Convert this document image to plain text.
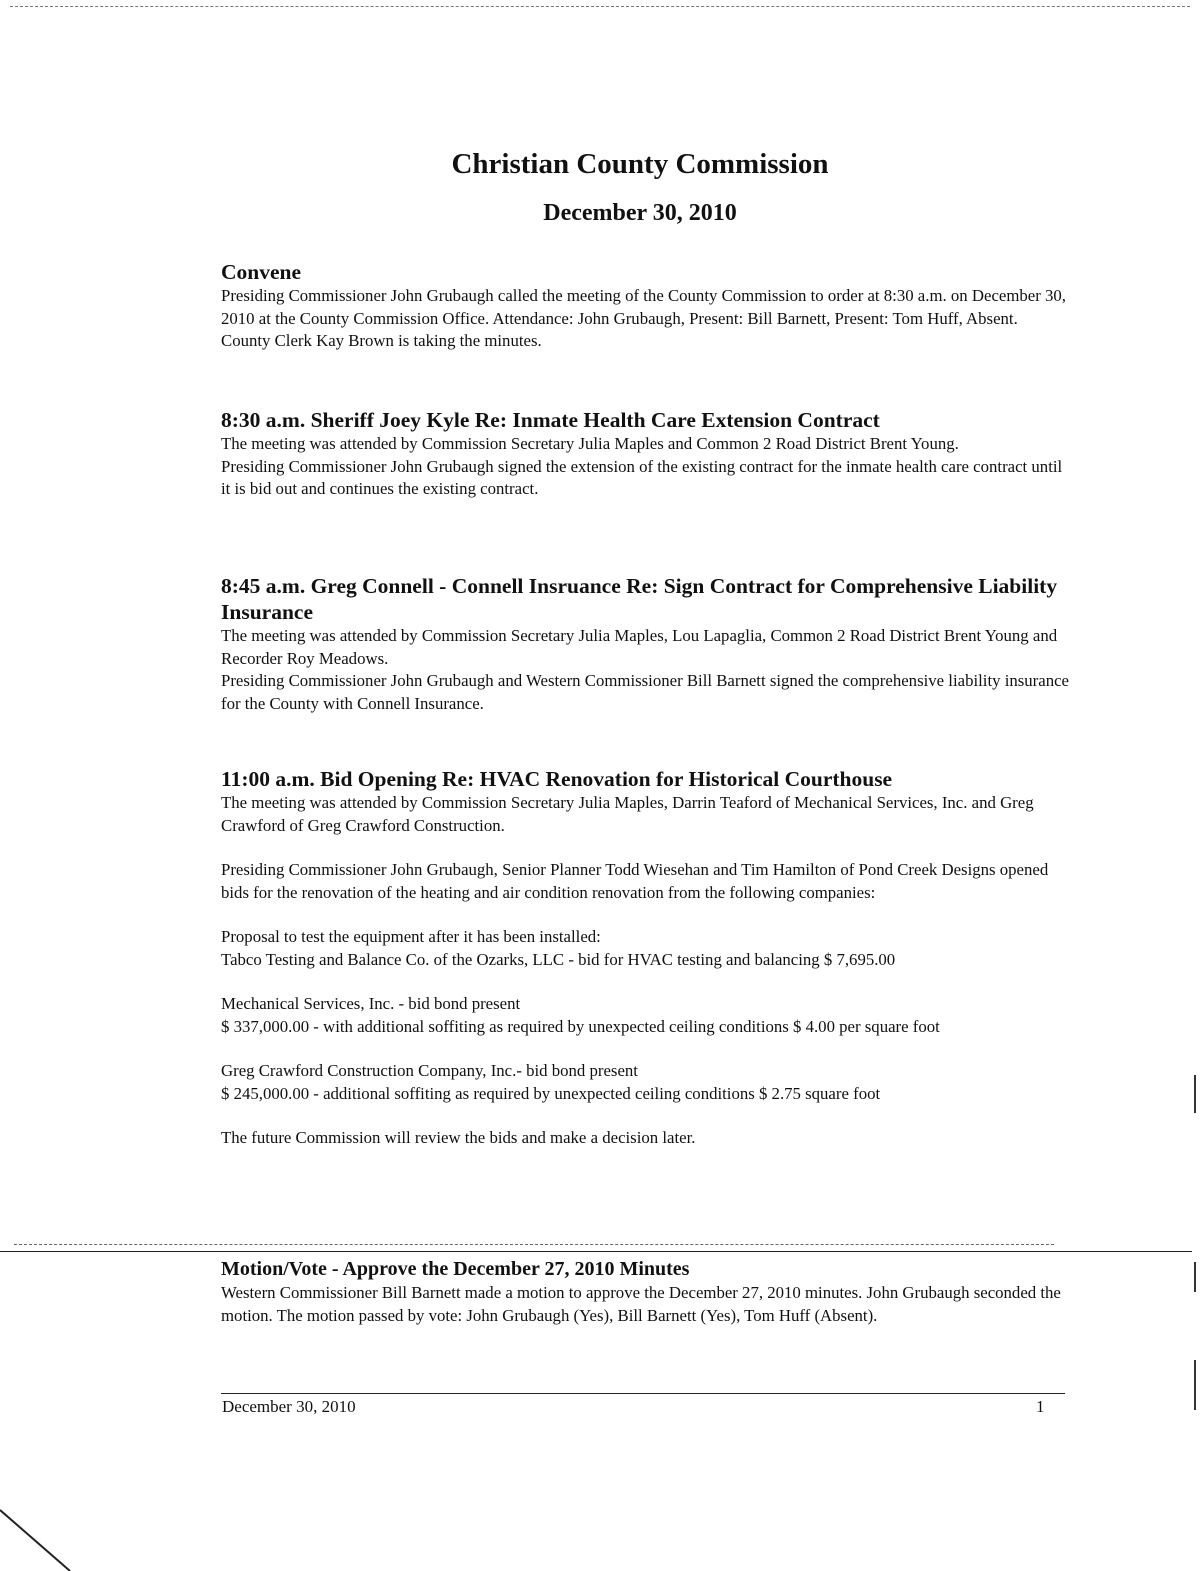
Christian County Commission
December 30, 2010

Convene

Presiding Commissioner John Grubaugh called the meeting of the County Commission to order at 8:30 a.m. on December 30, 2010 at the County Commission Office. Attendance: John Grubaugh, Present: Bill Barnett, Present: Tom Huff, Absent. County Clerk Kay Brown is taking the minutes.

8:30 a.m. Sheriff Joey Kyle Re: Inmate Health Care Extension Contract

The meeting was attended by Commission Secretary Julia Maples and Common 2 Road District Brent Young.

Presiding Commissioner John Grubaugh signed the extension of the existing contract for the inmate health care contract until it is bid out and continues the existing contract.

8:45 a.m. Greg Connell - Connell Insruance Re: Sign Contract for Comprehensive Liability Insurance

The meeting was attended by Commission Secretary Julia Maples, Lou Lapaglia, Common 2 Road District Brent Young and Recorder Roy Meadows.

Presiding Commissioner John Grubaugh and Western Commissioner Bill Barnett signed the comprehensive liability insurance for the County with Connell Insurance.

11:00 a.m. Bid Opening Re: HVAC Renovation for Historical Courthouse

The meeting was attended by Commission Secretary Julia Maples, Darrin Teaford of Mechanical Services, Inc. and Greg Crawford of Greg Crawford Construction.

Presiding Commissioner John Grubaugh, Senior Planner Todd Wiesehan and Tim Hamilton of Pond Creek Designs opened bids for the renovation of the heating and air condition renovation from the following companies:

Proposal to test the equipment after it has been installed:

Tabco Testing and Balance Co. of the Ozarks, LLC - bid for HVAC testing and balancing $ 7,695.00

Mechanical Services, Inc. - bid bond present

$ 337,000.00 - with additional soffiting as required by unexpected ceiling conditions $ 4.00 per square foot

Greg Crawford Construction Company, Inc.- bid bond present

$ 245,000.00 - additional soffiting as required by unexpected ceiling conditions $ 2.75 square foot

The future Commission will review the bids and make a decision later.

Motion/Vote - Approve the December 27, 2010 Minutes

Western Commissioner Bill Barnett made a motion to approve the December 27, 2010 minutes. John Grubaugh seconded the motion. The motion passed by vote: John Grubaugh (Yes), Bill Barnett (Yes), Tom Huff (Absent).

December 30, 2010	1
